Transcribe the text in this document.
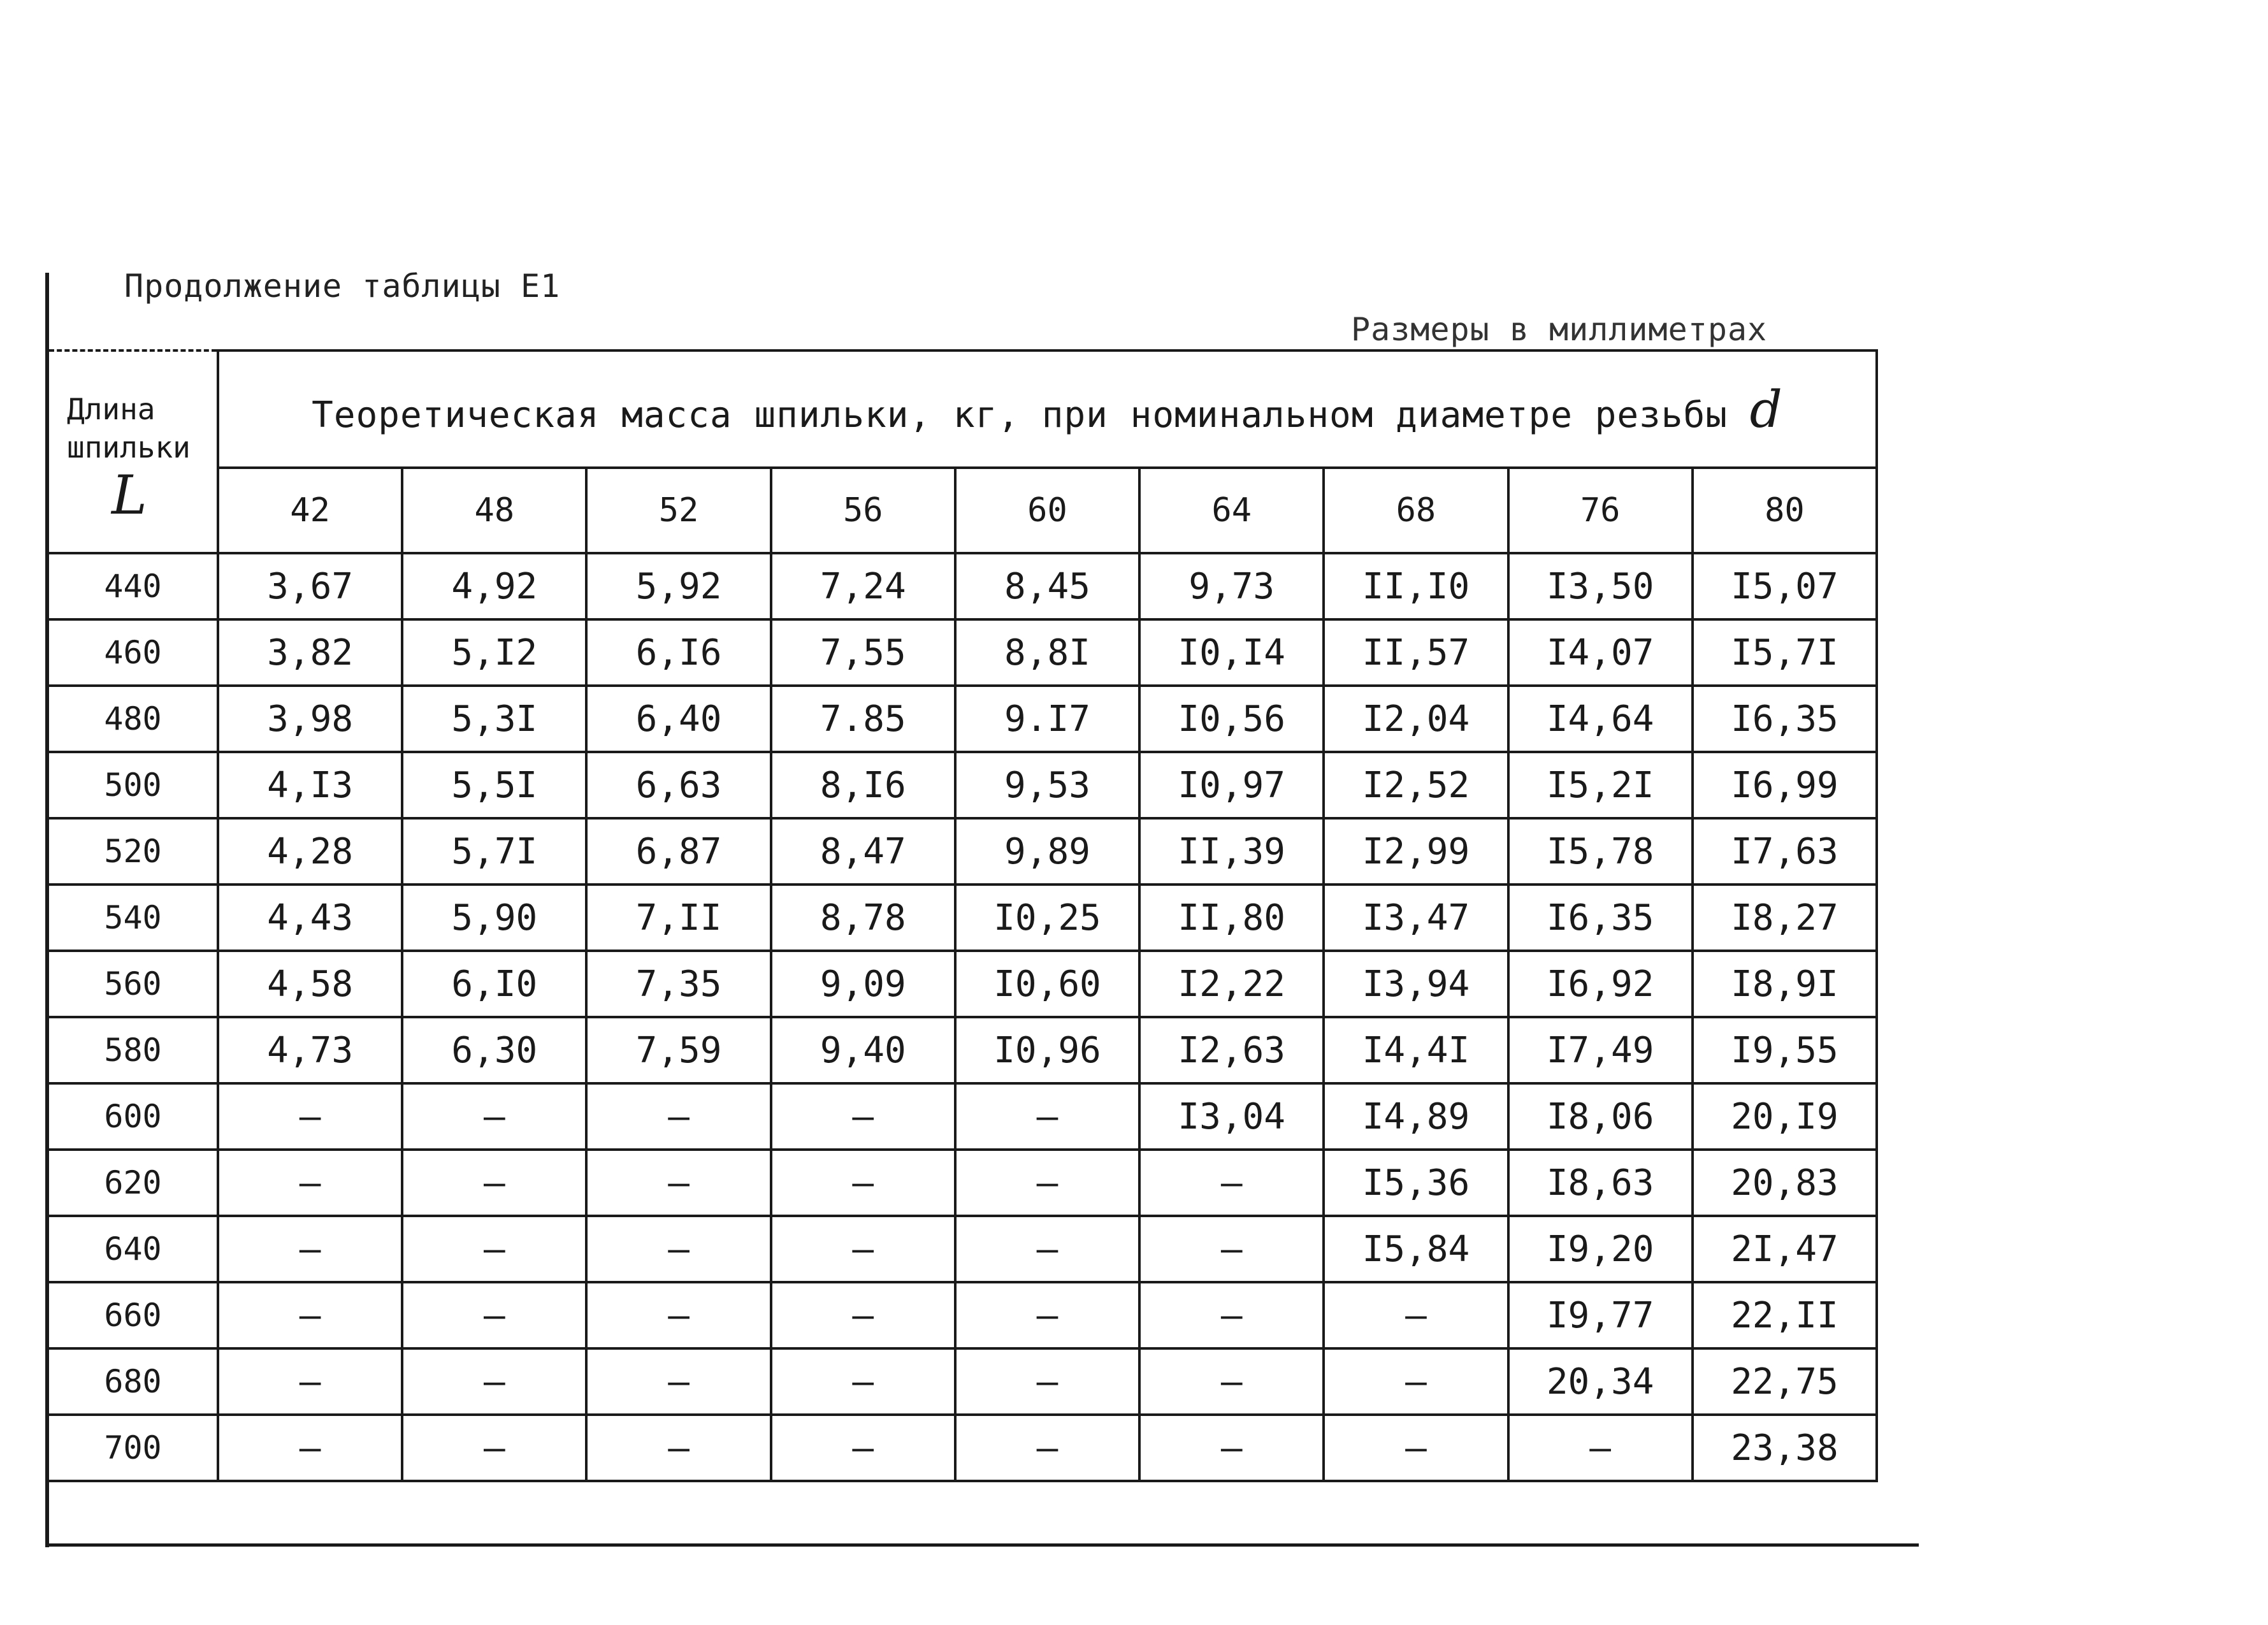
Продолжение таблицы Е1
Размеры в миллиметрах
Длина
шпильки
L	Теоретическая масса шпильки, кг, при номинальном диаметре резьбы d								
	42	48	52	56	60	64	68	76	80
440	3,67	4,92	5,92	7,24	8,45	9,73	II,I0	I3,50	I5,07
460	3,82	5,I2	6,I6	7,55	8,8I	I0,I4	II,57	I4,07	I5,7I
480	3,98	5,3I	6,40	7.85	9.I7	I0,56	I2,04	I4,64	I6,35
500	4,I3	5,5I	6,63	8,I6	9,53	I0,97	I2,52	I5,2I	I6,99
520	4,28	5,7I	6,87	8,47	9,89	II,39	I2,99	I5,78	I7,63
540	4,43	5,90	7,II	8,78	I0,25	II,80	I3,47	I6,35	I8,27
560	4,58	6,I0	7,35	9,09	I0,60	I2,22	I3,94	I6,92	I8,9I
580	4,73	6,30	7,59	9,40	I0,96	I2,63	I4,4I	I7,49	I9,55
600	–	–	–	–	–	I3,04	I4,89	I8,06	20,I9
620	–	–	–	–	–	–	I5,36	I8,63	20,83
640	–	–	–	–	–	–	I5,84	I9,20	2I,47
660	–	–	–	–	–	–	–	I9,77	22,II
680	–	–	–	–	–	–	–	20,34	22,75
700	–	–	–	–	–	–	–	–	23,38
